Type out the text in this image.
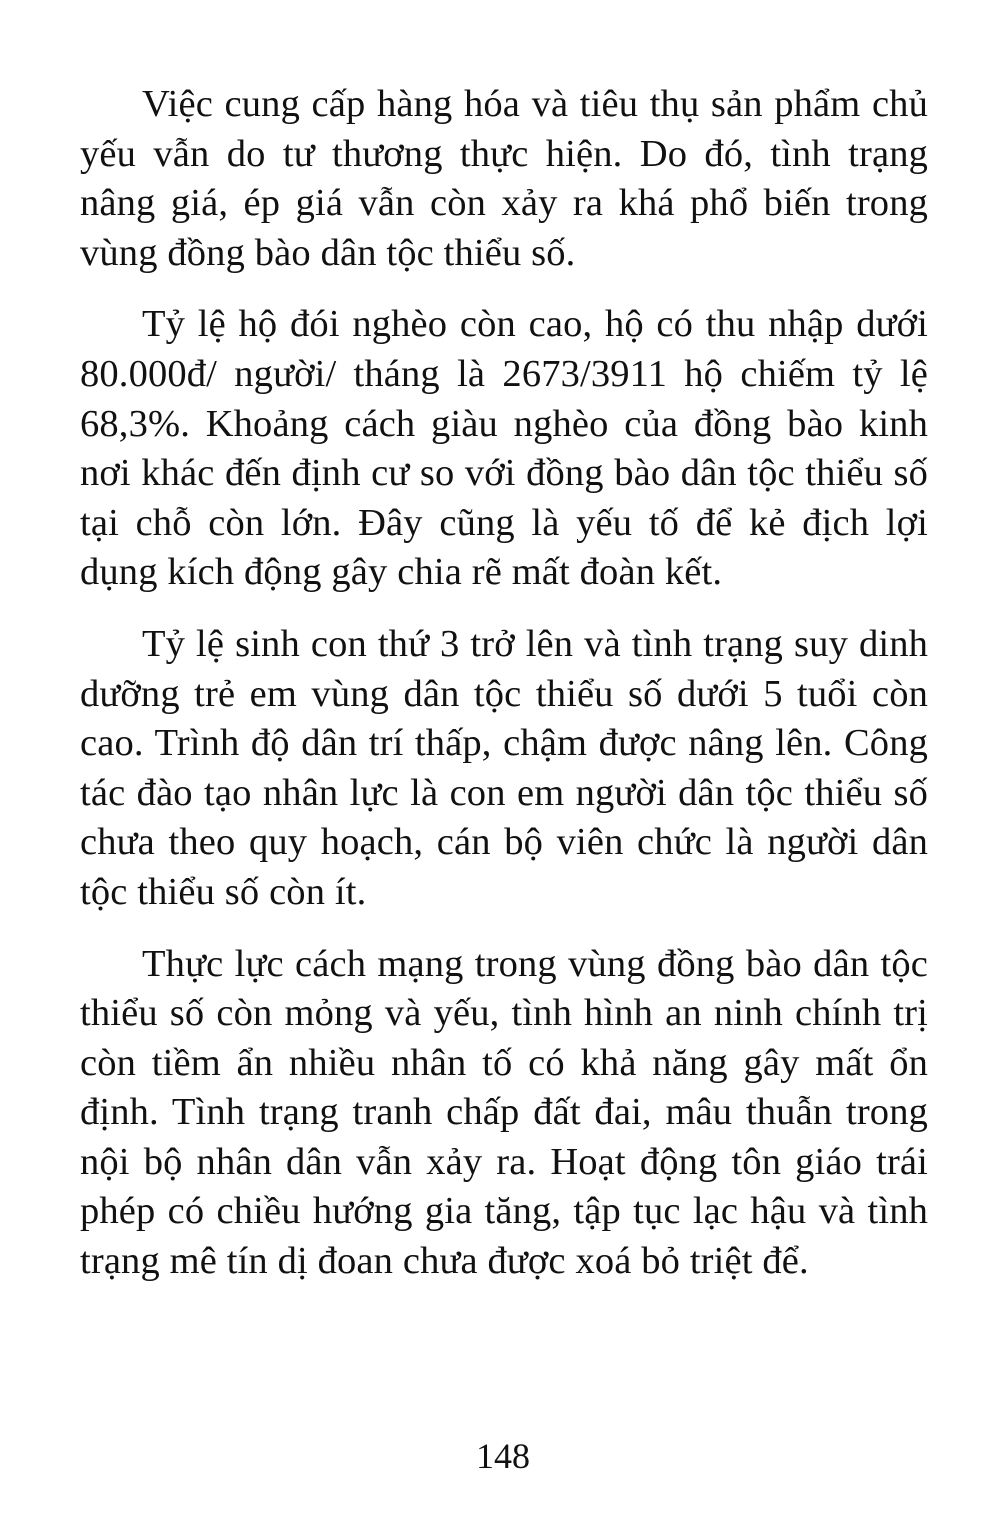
Việc cung cấp hàng hóa và tiêu thụ sản phẩm chủ yếu vẫn do tư thương thực hiện. Do đó, tình trạng nâng giá, ép giá vẫn còn xảy ra khá phổ biến trong vùng đồng bào dân tộc thiểu số.

Tỷ lệ hộ đói nghèo còn cao, hộ có thu nhập dưới 80.000đ/ người/ tháng là 2673/3911 hộ chiếm tỷ lệ 68,3%. Khoảng cách giàu nghèo của đồng bào kinh nơi khác đến định cư so với đồng bào dân tộc thiểu số tại chỗ còn lớn. Đây cũng là yếu tố để kẻ địch lợi dụng kích động gây chia rẽ mất đoàn kết.

Tỷ lệ sinh con thứ 3 trở lên và tình trạng suy dinh dưỡng trẻ em vùng dân tộc thiểu số dưới 5 tuổi còn cao. Trình độ dân trí thấp, chậm được nâng lên. Công tác đào tạo nhân lực là con em người dân tộc thiểu số chưa theo quy hoạch, cán bộ viên chức là người dân tộc thiểu số còn ít.

Thực lực cách mạng trong vùng đồng bào dân tộc thiểu số còn mỏng và yếu, tình hình an ninh chính trị còn tiềm ẩn nhiều nhân tố có khả năng gây mất ổn định. Tình trạng tranh chấp đất đai, mâu thuẫn trong nội bộ nhân dân vẫn xảy ra. Hoạt động tôn giáo trái phép có chiều hướng gia tăng, tập tục lạc hậu và tình trạng mê tín dị đoan chưa được xoá bỏ triệt để.

148
